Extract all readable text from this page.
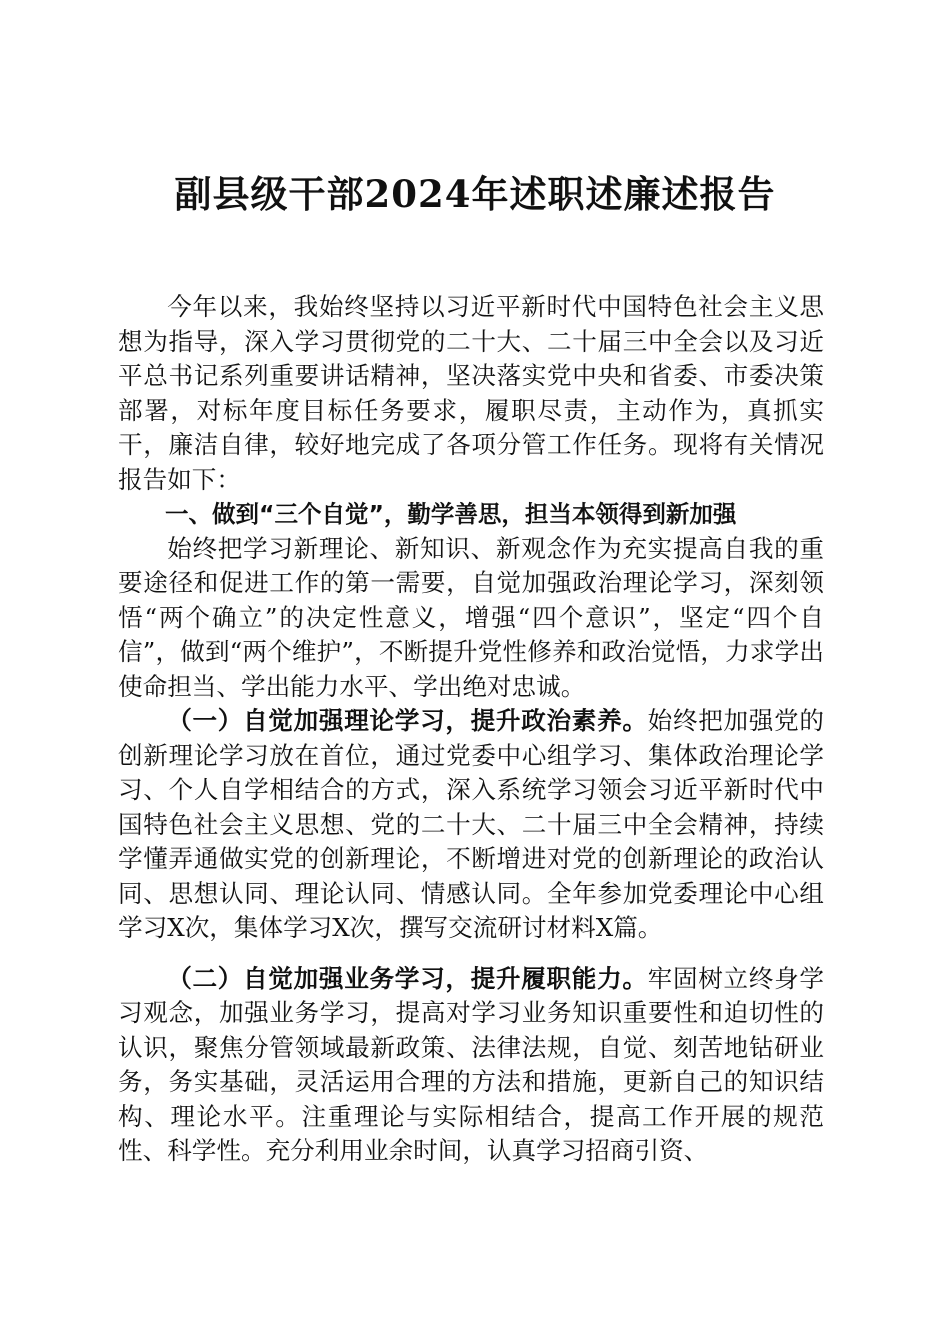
副县级干部2024年述职述廉述报告

今年以来，我始终坚持以习近平新时代中国特色社会主义思想为指导，深入学习贯彻党的二十大、二十届三中全会以及习近平总书记系列重要讲话精神，坚决落实党中央和省委、市委决策部署，对标年度目标任务要求，履职尽责，主动作为，真抓实干，廉洁自律，较好地完成了各项分管工作任务。现将有关情况报告如下：

一、做到“三个自觉”，勤学善思，担当本领得到新加强

始终把学习新理论、新知识、新观念作为充实提高自我的重要途径和促进工作的第一需要，自觉加强政治理论学习，深刻领悟“两个确立”的决定性意义，增强“四个意识”，坚定“四个自信”，做到“两个维护”，不断提升党性修养和政治觉悟，力求学出使命担当、学出能力水平、学出绝对忠诚。

（一）自觉加强理论学习，提升政治素养。始终把加强党的创新理论学习放在首位，通过党委中心组学习、集体政治理论学习、个人自学相结合的方式，深入系统学习领会习近平新时代中国特色社会主义思想、党的二十大、二十届三中全会精神，持续学懂弄通做实党的创新理论，不断增进对党的创新理论的政治认同、思想认同、理论认同、情感认同。全年参加党委理论中心组学习X次，集体学习X次，撰写交流研讨材料X篇。

（二）自觉加强业务学习，提升履职能力。牢固树立终身学习观念，加强业务学习，提高对学习业务知识重要性和迫切性的认识，聚焦分管领域最新政策、法律法规，自觉、刻苦地钻研业务，务实基础，灵活运用合理的方法和措施，更新自己的知识结构、理论水平。注重理论与实际相结合，提高工作开展的规范性、科学性。充分利用业余时间，认真学习招商引资、
